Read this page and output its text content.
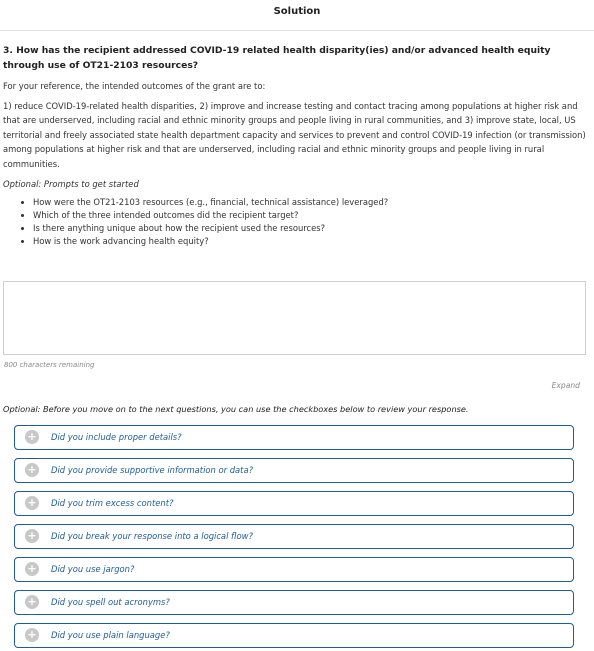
Solution

3. How has the recipient addressed COVID-19 related health disparity(ies) and/or advanced health equity through use of OT21-2103 resources?

For your reference, the intended outcomes of the grant are to:

1) reduce COVID-19-related health disparities, 2) improve and increase testing and contact tracing among populations at higher risk and that are underserved, including racial and ethnic minority groups and people living in rural communities, and 3) improve state, local, US territorial and freely associated state health department capacity and services to prevent and control COVID-19 infection (or transmission) among populations at higher risk and that are underserved, including racial and ethnic minority groups and people living in rural communities.

Optional: Prompts to get started
• How were the OT21-2103 resources (e.g., financial, technical assistance) leveraged?
• Which of the three intended outcomes did the recipient target?
• Is there anything unique about how the recipient used the resources?
• How is the work advancing health equity?
800 characters remaining
Expand
Optional: Before you move on to the next questions, you can use the checkboxes below to review your response.
+ Did you include proper details?
+ Did you provide supportive information or data?
+ Did you trim excess content?
+ Did you break your response into a logical flow?
+ Did you use jargon?
+ Did you spell out acronyms?
+ Did you use plain language?
